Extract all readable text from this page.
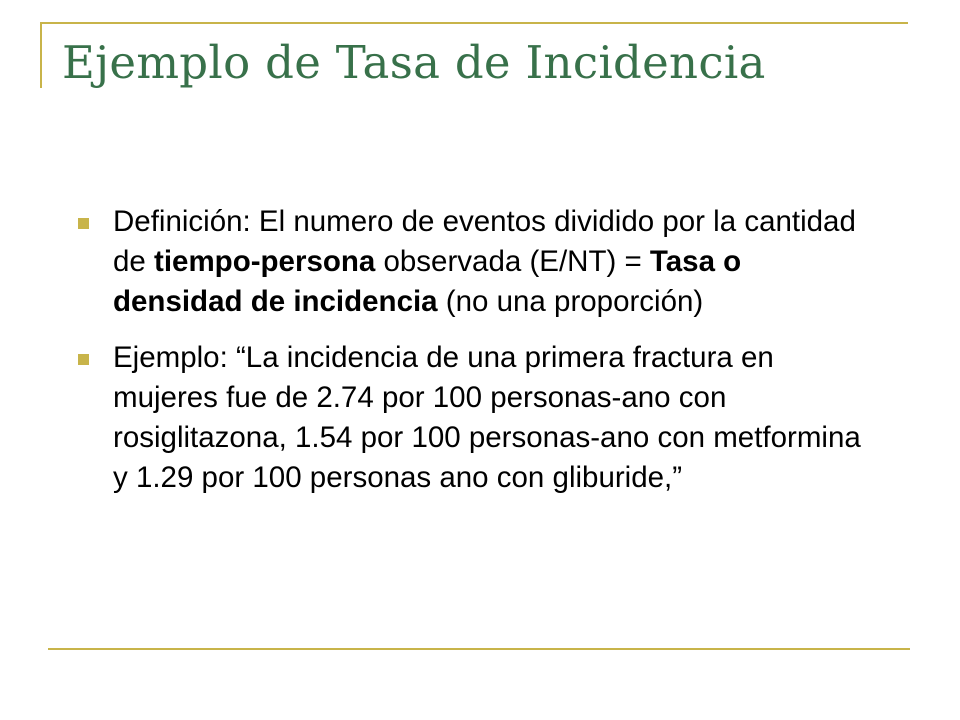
Ejemplo de Tasa de Incidencia
Definición: El numero de eventos dividido por la cantidad de tiempo-persona observada (E/NT) = Tasa o densidad de incidencia (no una proporción)
Ejemplo: “La incidencia de una primera fractura en mujeres fue de 2.74 por 100 personas-ano con rosiglitazona, 1.54 por 100 personas-ano con metformina y 1.29 por 100 personas ano con gliburide,”
